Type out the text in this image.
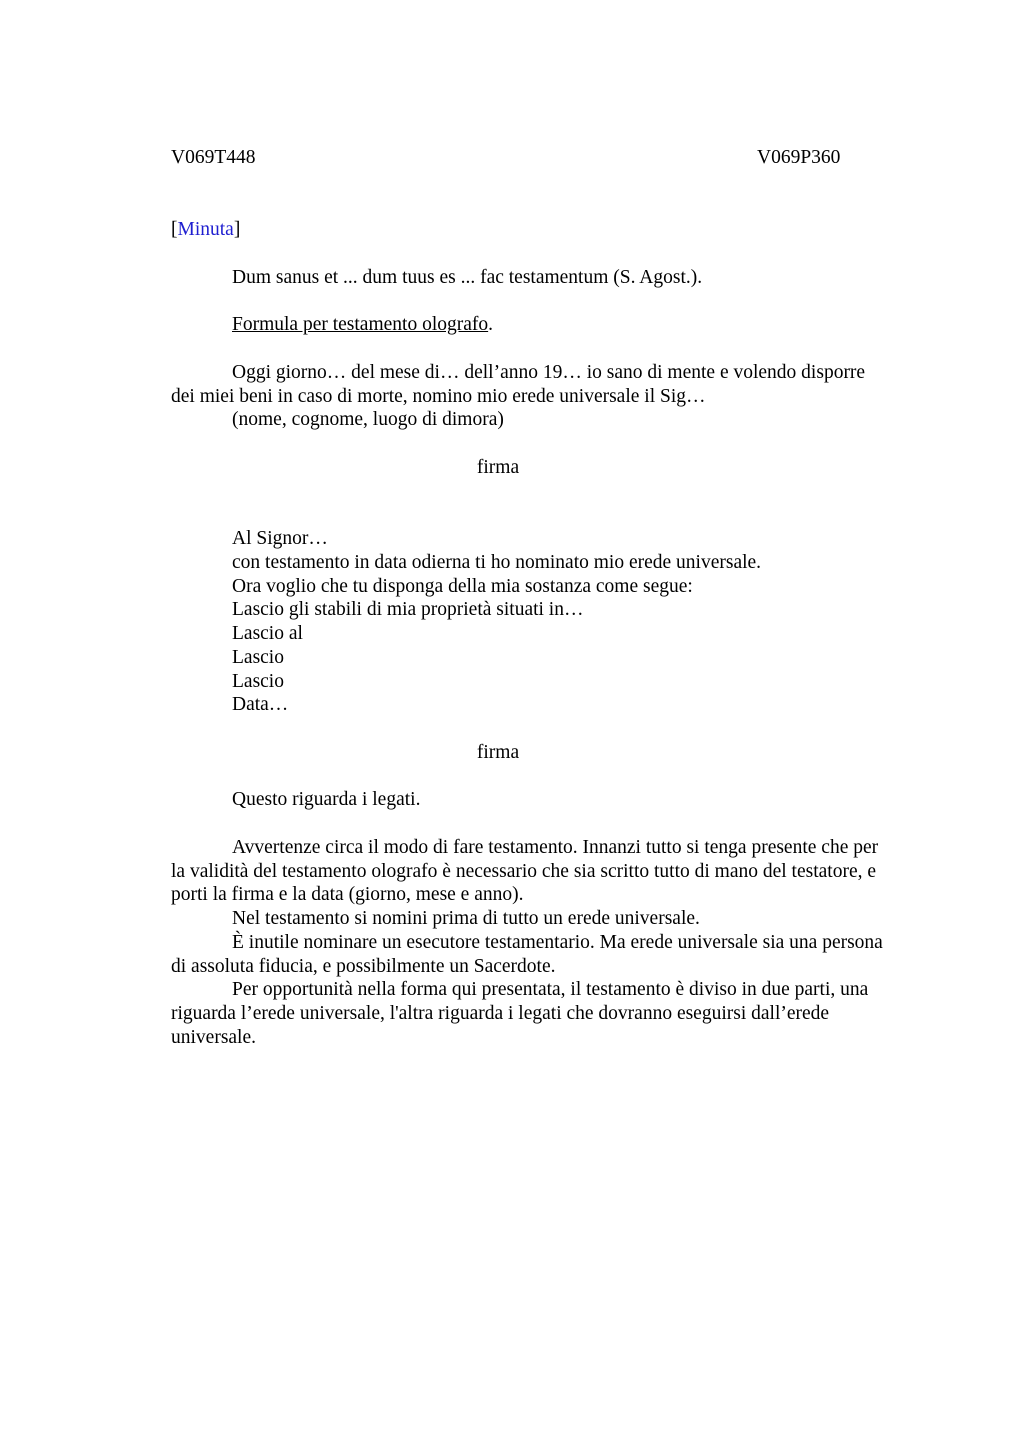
V069T448	V069P360
[Minuta]
Dum sanus et ... dum tuus es ... fac testamentum (S. Agost.).
Formula per testamento olografo.
Oggi giorno… del mese di… dell’anno 19… io sano di mente e volendo disporre
dei miei beni in caso di morte, nomino mio erede universale il Sig…
(nome, cognome, luogo di dimora)
firma
Al Signor…
con testamento in data odierna ti ho nominato mio erede universale.
Ora voglio che tu disponga della mia sostanza come segue:
Lascio gli stabili di mia proprietà situati in…
Lascio al
Lascio
Lascio
Data…
firma
Questo riguarda i legati.
Avvertenze circa il modo di fare testamento. Innanzi tutto si tenga presente che per
la validità del testamento olografo è necessario che sia scritto tutto di mano del testatore, e
porti la firma e la data (giorno, mese e anno).
Nel testamento si nomini prima di tutto un erede universale.
È inutile nominare un esecutore testamentario. Ma erede universale sia una persona
di assoluta fiducia, e possibilmente un Sacerdote.
Per opportunità nella forma qui presentata, il testamento è diviso in due parti, una
riguarda l’erede universale, l'altra riguarda i legati che dovranno eseguirsi dall’erede
universale.
